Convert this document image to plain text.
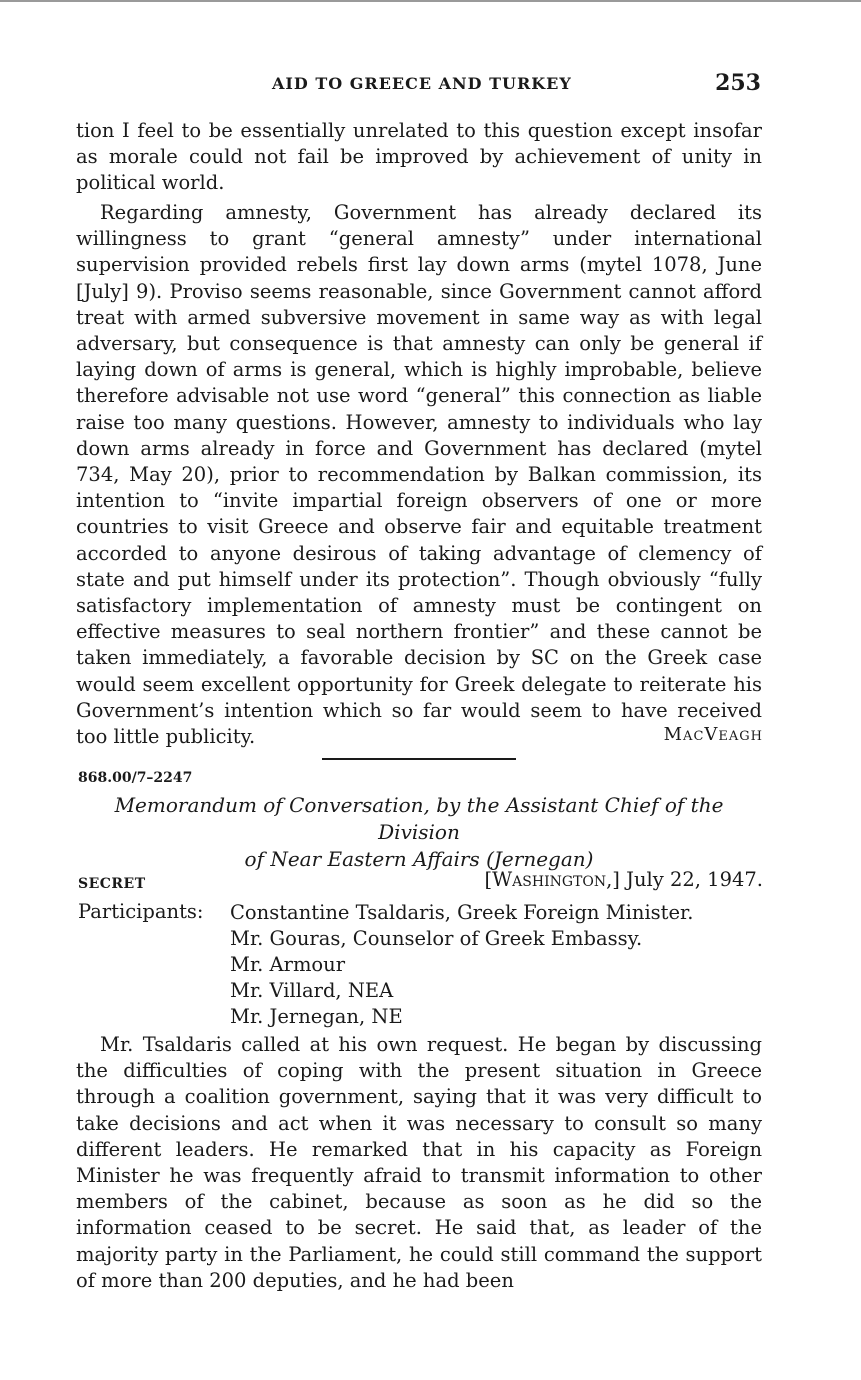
AID TO GREECE AND TURKEY	253

tion I feel to be essentially unrelated to this question except insofar as morale could not fail be improved by achievement of unity in political world.

Regarding amnesty, Government has already declared its willingness to grant “general amnesty” under international supervision provided rebels first lay down arms (mytel 1078, June [July] 9). Proviso seems reasonable, since Government cannot afford treat with armed subversive movement in same way as with legal adversary, but consequence is that amnesty can only be general if laying down of arms is general, which is highly improbable, believe therefore advisable not use word “general” this connection as liable raise too many questions. However, amnesty to individuals who lay down arms already in force and Government has declared (mytel 734, May 20), prior to recommendation by Balkan commission, its intention to “invite impartial foreign observers of one or more countries to visit Greece and observe fair and equitable treatment accorded to anyone desirous of taking advantage of clemency of state and put himself under its protection”. Though obviously “fully satisfactory implementation of amnesty must be contingent on effective measures to seal northern frontier” and these cannot be taken immediately, a favorable decision by SC on the Greek case would seem excellent opportunity for Greek delegate to reiterate his Government’s intention which so far would seem to have received too little publicity.	MacVeagh
868.00/7–2247
Memorandum of Conversation, by the Assistant Chief of the Division
of Near Eastern Affairs (Jernegan)
SECRET	[Washington,] July 22, 1947.
Participants: Constantine Tsaldaris, Greek Foreign Minister.
Mr. Gouras, Counselor of Greek Embassy.
Mr. Armour
Mr. Villard, NEA
Mr. Jernegan, NE

Mr. Tsaldaris called at his own request. He began by discussing the difficulties of coping with the present situation in Greece through a coalition government, saying that it was very difficult to take decisions and act when it was necessary to consult so many different leaders. He remarked that in his capacity as Foreign Minister he was frequently afraid to transmit information to other members of the cabinet, because as soon as he did so the information ceased to be secret. He said that, as leader of the majority party in the Parliament, he could still command the support of more than 200 deputies, and he had been
